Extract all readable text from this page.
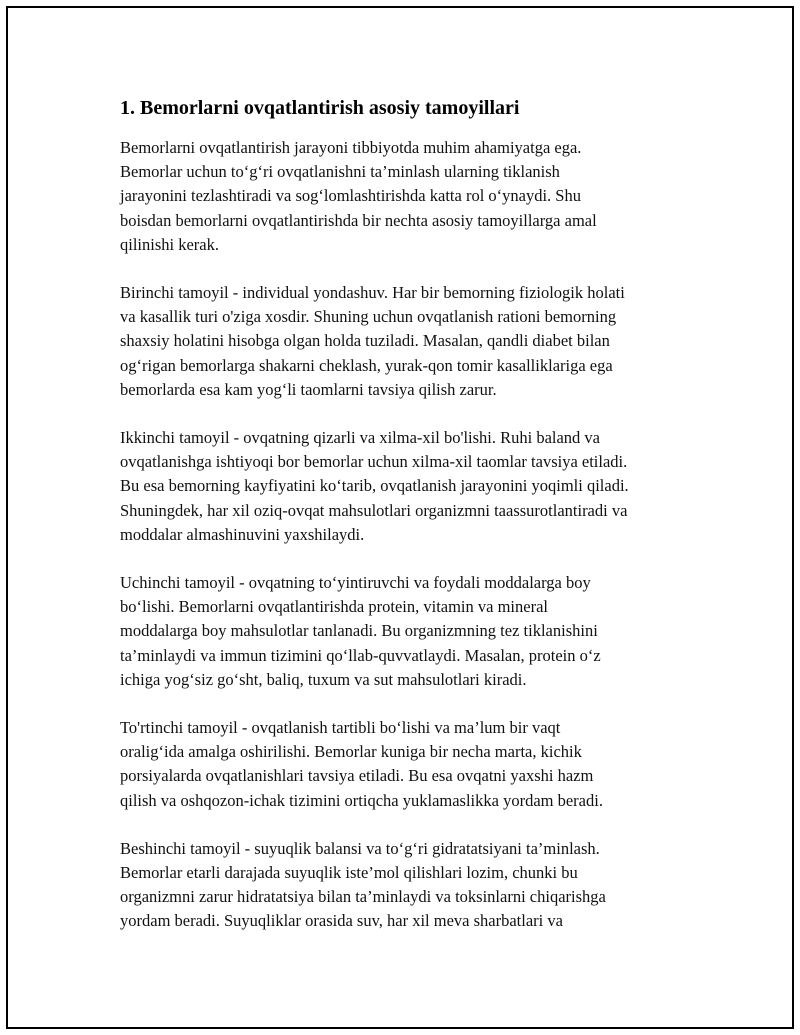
1. Bemorlarni ovqatlantirish asosiy tamoyillari

Bemorlarni ovqatlantirish jarayoni tibbiyotda muhim ahamiyatga ega.
Bemorlar uchun to‘g‘ri ovqatlanishni ta’minlash ularning tiklanish
jarayonini tezlashtiradi va sog‘lomlashtirishda katta rol o‘ynaydi. Shu
boisdan bemorlarni ovqatlantirishda bir nechta asosiy tamoyillarga amal
qilinishi kerak.

Birinchi tamoyil - individual yondashuv. Har bir bemorning fiziologik holati
va kasallik turi o'ziga xosdir. Shuning uchun ovqatlanish rationi bemorning
shaxsiy holatini hisobga olgan holda tuziladi. Masalan, qandli diabet bilan
og‘rigan bemorlarga shakarni cheklash, yurak-qon tomir kasalliklariga ega
bemorlarda esa kam yog‘li taomlarni tavsiya qilish zarur.

Ikkinchi tamoyil - ovqatning qizarli va xilma-xil bo'lishi. Ruhi baland va
ovqatlanishga ishtiyoqi bor bemorlar uchun xilma-xil taomlar tavsiya etiladi.
Bu esa bemorning kayfiyatini ko‘tarib, ovqatlanish jarayonini yoqimli qiladi.
Shuningdek, har xil oziq-ovqat mahsulotlari organizmni taassurotlantiradi va
moddalar almashinuvini yaxshilaydi.

Uchinchi tamoyil - ovqatning to‘yintiruvchi va foydali moddalarga boy
bo‘lishi. Bemorlarni ovqatlantirishda protein, vitamin va mineral
moddalarga boy mahsulotlar tanlanadi. Bu organizmning tez tiklanishini
ta’minlaydi va immun tizimini qo‘llab-quvvatlaydi. Masalan, protein o‘z
ichiga yog‘siz go‘sht, baliq, tuxum va sut mahsulotlari kiradi.

To'rtinchi tamoyil - ovqatlanish tartibli bo‘lishi va ma’lum bir vaqt
oralig‘ida amalga oshirilishi. Bemorlar kuniga bir necha marta, kichik
porsiyalarda ovqatlanishlari tavsiya etiladi. Bu esa ovqatni yaxshi hazm
qilish va oshqozon-ichak tizimini ortiqcha yuklamaslikka yordam beradi.

Beshinchi tamoyil - suyuqlik balansi va to‘g‘ri gidratatsiyani ta’minlash.
Bemorlar etarli darajada suyuqlik iste’mol qilishlari lozim, chunki bu
organizmni zarur hidratatsiya bilan ta’minlaydi va toksinlarni chiqarishga
yordam beradi. Suyuqliklar orasida suv, har xil meva sharbatlari va
